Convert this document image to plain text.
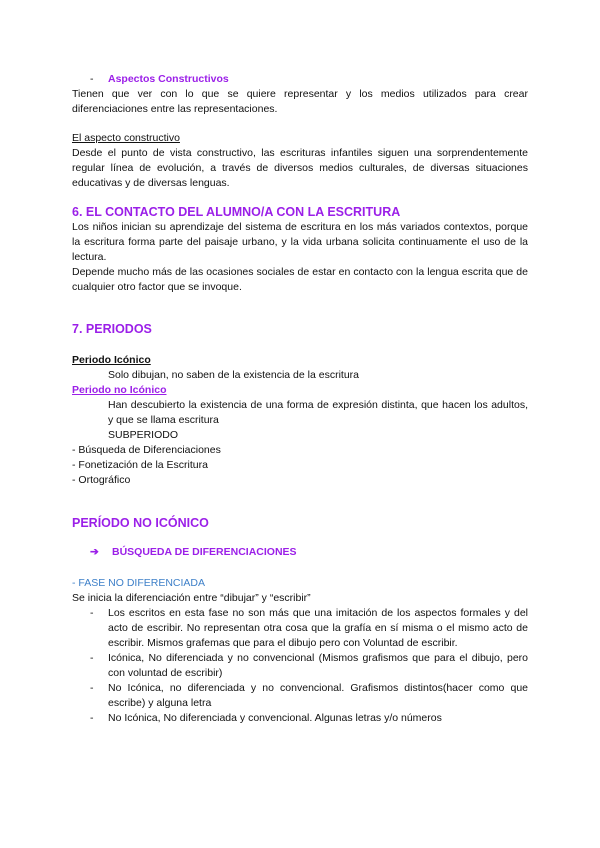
-	Aspectos Constructivos
Tienen que ver con lo que se quiere representar y los medios utilizados para crear diferenciaciones entre las representaciones.
El aspecto constructivo
Desde el punto de vista constructivo, las escrituras infantiles siguen una sorprendentemente regular línea de evolución, a través de diversos medios culturales, de diversas situaciones educativas y de diversas lenguas.
6. EL CONTACTO DEL ALUMNO/A CON LA ESCRITURA
Los niños inician su aprendizaje del sistema de escritura en los más variados contextos, porque la escritura forma parte del paisaje urbano, y la vida urbana solicita continuamente el uso de la lectura.
Depende mucho más de las ocasiones sociales de estar en contacto con la lengua escrita que de cualquier otro factor que se invoque.
7. PERIODOS
Periodo Icónico
Solo dibujan, no saben de la existencia de la escritura
Periodo no Icónico
Han descubierto la existencia de una forma de expresión distinta, que hacen los adultos, y que se llama escritura
SUBPERIODO
- Búsqueda de Diferenciaciones
- Fonetización de la Escritura
- Ortográfico
PERÍODO NO ICÓNICO
➔	BÚSQUEDA DE DIFERENCIACIONES
- FASE NO DIFERENCIADA
Se inicia la diferenciación entre “dibujar” y “escribir”
- Los escritos en esta fase no son más que una imitación de los aspectos formales y del acto de escribir. No representan otra cosa que la grafía en sí misma o el mismo acto de escribir. Mismos grafemas que para el dibujo pero con Voluntad de escribir.
- Icónica, No diferenciada y no convencional (Mismos grafismos que para el dibujo, pero con voluntad de escribir)
- No Icónica, no diferenciada y no convencional. Grafismos distintos(hacer como que escribe) y alguna letra
- No Icónica, No diferenciada y convencional. Algunas letras y/o números
